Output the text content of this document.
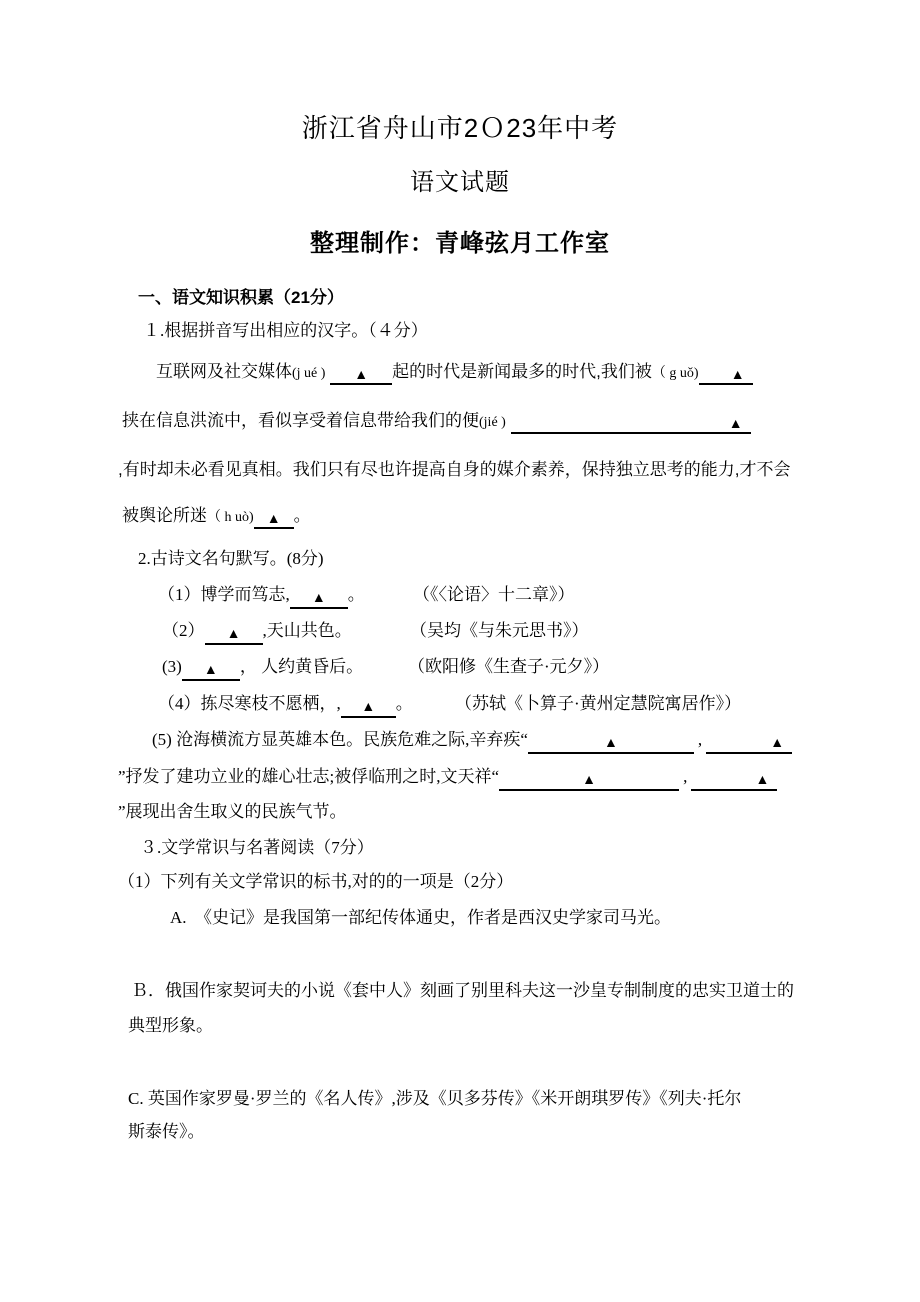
浙江省舟山市2Ｏ23年中考
语文试题
整理制作：青峰弦月工作室
一、语文知识积累（21分）
１.根据拼音写出相应的汉字。（４分）
互联网及社交媒体(j ué ) ▲ 起的时代是新闻最多的时代,我们被（ g uǒ) ▲
挟在信息洪流中，看似享受着信息带给我们的便(jié )	▲
,有时却未必看见真相。我们只有尽也许提高自身的媒介素养，保持独立思考的能力,才不会
被舆论所迷（ h uò) ▲ 。
2.古诗文名句默写。(8分)
（1）博学而笃志, ▲ 。	（《〈论语〉十二章》）
（2） ▲ ,天山共色。	（吴均《与朱元思书》）
(3) ▲ ， 人约黄昏后。	（欧阳修《生查子·元夕》）
（4）拣尽寒枝不愿栖，, ▲ 。 （苏轼《卜算子·黄州定慧院寓居作》）
(5) 沧海横流方显英雄本色。民族危难之际,辛弃疾“	▲	,	▲
”抒发了建功立业的雄心壮志;被俘临刑之时,文天祥“	▲	,	▲
”展现出舍生取义的民族气节。
３.文学常识与名著阅读（7分）
（1）下列有关文学常识的标书,对的的一项是（2分）
A.　《史记》是我国第一部纪传体通史，作者是西汉史学家司马光。
Ｂ．俄国作家契诃夫的小说《套中人》刻画了别里科夫这一沙皇专制制度的忠实卫道士的
典型形象。
C. 英国作家罗曼·罗兰的《名人传》,涉及《贝多芬传》《米开朗琪罗传》《列夫·托尔
斯泰传》。
